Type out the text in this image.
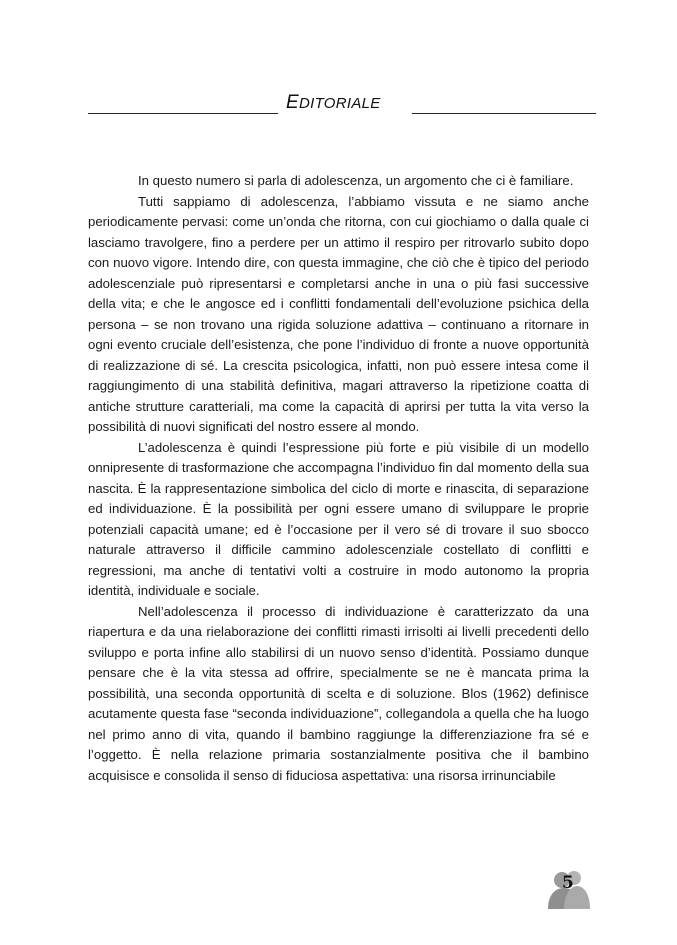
EDITORIALE

In questo numero si parla di adolescenza, un argomento che ci è familiare.

Tutti sappiamo di adolescenza, l’abbiamo vissuta e ne siamo anche periodicamente pervasi: come un’onda che ritorna, con cui giochiamo o dalla quale ci lasciamo travolgere, fino a perdere per un attimo il respiro per ritrovarlo subito dopo con nuovo vigore. Intendo dire, con questa immagine, che ciò che è tipico del periodo adolescenziale può ripresentarsi e completarsi anche in una o più fasi successive della vita; e che le angosce ed i conflitti fondamentali dell’evoluzione psichica della persona – se non trovano una rigida soluzione adattiva – continuano a ritornare in ogni evento cruciale dell’esistenza, che pone l’individuo di fronte a nuove opportunità di realizzazione di sé. La crescita psicologica, infatti, non può essere intesa come il raggiungimento di una stabilità definitiva, magari attraverso la ripetizione coatta di antiche strutture caratteriali, ma come la capacità di aprirsi per tutta la vita verso la possibilità di nuovi significati del nostro essere al mondo.

L’adolescenza è quindi l’espressione più forte e più visibile di un modello onnipresente di trasformazione che accompagna l’individuo fin dal momento della sua nascita. È la rappresentazione simbolica del ciclo di morte e rinascita, di separazione ed individuazione. È la possibilità per ogni essere umano di sviluppare le proprie potenziali capacità umane; ed è l’occasione per il vero sé di trovare il suo sbocco naturale attraverso il difficile cammino adolescenziale costellato di conflitti e regressioni, ma anche di tentativi volti a costruire in modo autonomo la propria identità, individuale e sociale.

Nell’adolescenza il processo di individuazione è caratterizzato da una riapertura e da una rielaborazione dei conflitti rimasti irrisolti ai livelli precedenti dello sviluppo e porta infine allo stabilirsi di un nuovo senso d’identità. Possiamo dunque pensare che è la vita stessa ad offrire, specialmente se ne è mancata prima la possibilità, una seconda opportunità di scelta e di soluzione. Blos (1962) definisce acutamente questa fase “seconda individuazione”, collegandola a quella che ha luogo nel primo anno di vita, quando il bambino raggiunge la differenziazione fra sé e l’oggetto. È nella relazione primaria sostanzialmente positiva che il bambino acquisisce e consolida il senso di fiduciosa aspettativa: una risorsa irrinunciabile

5
